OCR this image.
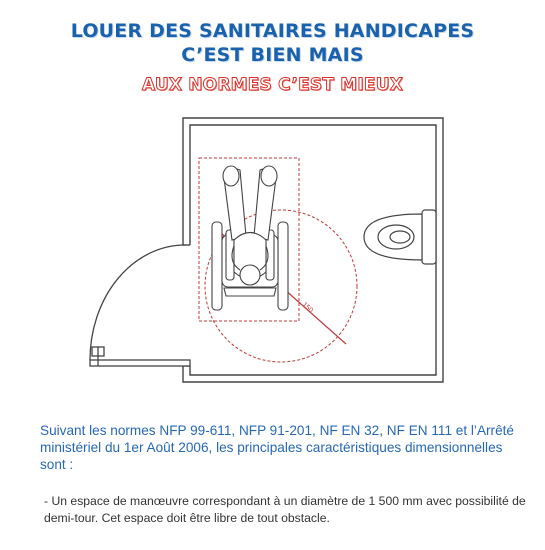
LOUER DES SANITAIRES HANDICAPES
C’EST BIEN MAIS
AUX NORMES C’EST MIEUX
150
Suivant les normes NFP 99-611, NFP 91-201, NF EN 32, NF EN 111 et l’Arrêté ministériel du 1er Août 2006, les principales caractéristiques dimensionnelles sont :
- Un espace de manœuvre correspondant à un diamètre de 1 500 mm avec possibilité de demi-tour. Cet espace doit être libre de tout obstacle.
